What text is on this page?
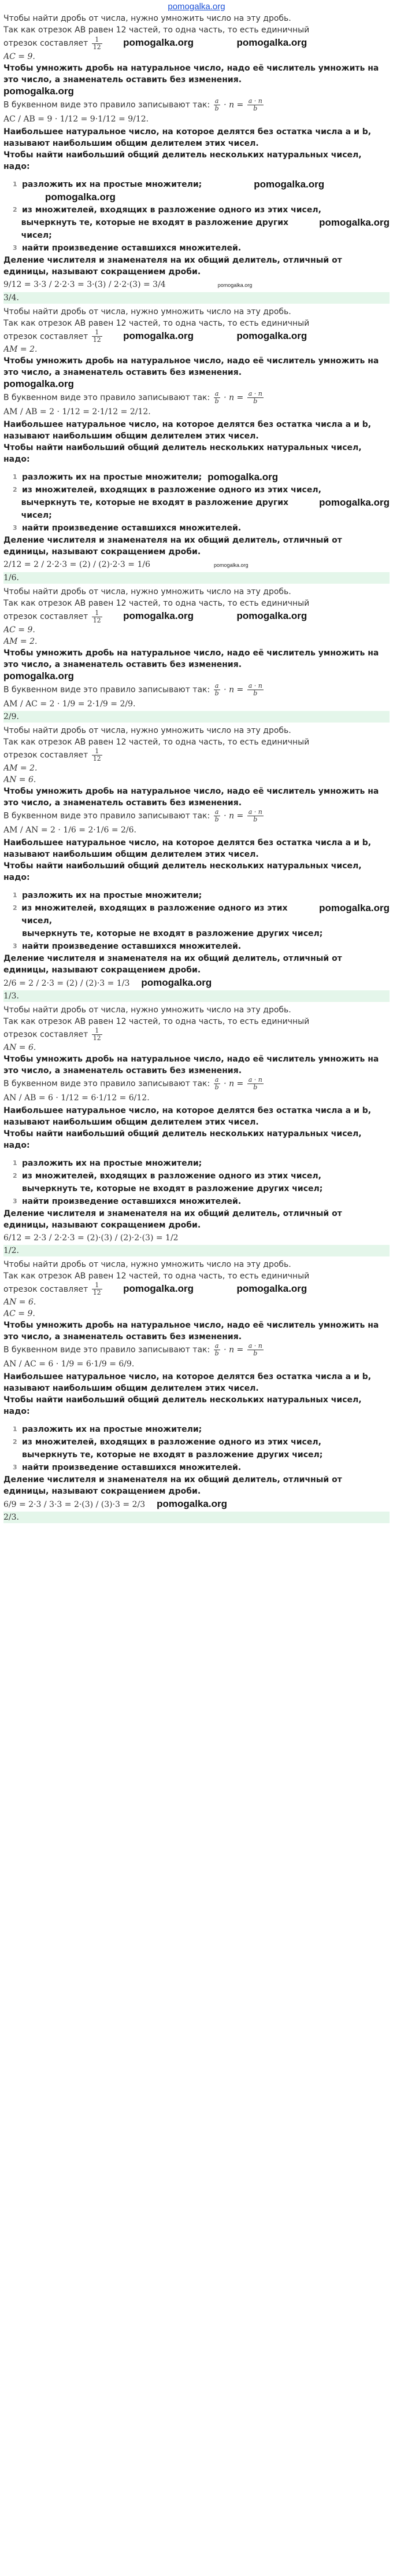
pomogalka.org
Чтобы найти дробь от числа, нужно умножить число на эту дробь.
Так как отрезок AB равен 12 частей, то одна часть, то есть единичный
отрезок составляет $\frac{1}{12}$ pomogalka.org	pomogalka.org
AC = 9.
Чтобы умножить дробь на натуральное число, надо её числитель умножить на
это число, а знаменатель оставить без изменения.
pomogalka.org
В буквенном виде это правило записывают так: $\frac{a}{b} \cdot n = \frac{a \cdot n}{b}$
AC / AB = 9 · 1/12 = 9·1/12 = 9/12.
Наибольшее натуральное число, на которое делятся без остатка числа a и b,
называют наибольшим общим делителем этих чисел.
Чтобы найти наибольший общий делитель нескольких натуральных чисел,
надо:
1 разложить их на простые множители;	pomogalka.org
pomogalka.org
2 из множителей, входящих в разложение одного из этих чисел,
вычеркнуть те, которые не входят в разложение других чисел;
pomogalka.org
3 найти произведение оставшихся множителей.
Деление числителя и знаменателя на их общий делитель, отличный от
единицы, называют сокращением дроби.
9/12 = 3·3 / 2·2·3 = 3·(3) / 2·2·(3) = 3/4	pomogalka.org
3/4.
Чтобы найти дробь от числа, нужно умножить число на эту дробь.
Так как отрезок AB равен 12 частей, то одна часть, то есть единичный
отрезок составляет $\frac{1}{12}$ pomogalka.org	pomogalka.org
AM = 2.
Чтобы умножить дробь на натуральное число, надо её числитель умножить на
это число, а знаменатель оставить без изменения.
pomogalka.org
В буквенном виде это правило записывают так: $\frac{a}{b} \cdot n = \frac{a \cdot n}{b}$
AM / AB = 2 · 1/12 = 2·1/12 = 2/12.
Наибольшее натуральное число, на которое делятся без остатка числа a и b,
называют наибольшим общим делителем этих чисел.
Чтобы найти наибольший общий делитель нескольких натуральных чисел,
надо:
1 разложить их на простые множители; pomogalka.org
2 из множителей, входящих в разложение одного из этих чисел,
вычеркнуть те, которые не входят в разложение других чисел;
pomogalka.org
3 найти произведение оставшихся множителей.
Деление числителя и знаменателя на их общий делитель, отличный от
единицы, называют сокращением дроби.
2/12 = 2 / 2·2·3 = (2) / (2)·2·3 = 1/6	pomogalka.org
1/6.
Чтобы найти дробь от числа, нужно умножить число на эту дробь.
Так как отрезок AB равен 12 частей, то одна часть, то есть единичный
отрезок составляет $\frac{1}{12}$ pomogalka.org	pomogalka.org
AC = 9.
AM = 2.
Чтобы умножить дробь на натуральное число, надо её числитель умножить на
это число, а знаменатель оставить без изменения.
pomogalka.org
В буквенном виде это правило записывают так: $\frac{a}{b} \cdot n = \frac{a \cdot n}{b}$
AM / AC = 2 · 1/9 = 2·1/9 = 2/9.
2/9.
Чтобы найти дробь от числа, нужно умножить число на эту дробь.
Так как отрезок AB равен 12 частей, то одна часть, то есть единичный
отрезок составляет $\frac{1}{12}$
AM = 2.
AN = 6.
Чтобы умножить дробь на натуральное число, надо её числитель умножить на
это число, а знаменатель оставить без изменения.
В буквенном виде это правило записывают так: $\frac{a}{b} \cdot n = \frac{a \cdot n}{b}$
AM / AN = 2 · 1/6 = 2·1/6 = 2/6.
Наибольшее натуральное число, на которое делятся без остатка числа a и b,
называют наибольшим общим делителем этих чисел.
Чтобы найти наибольший общий делитель нескольких натуральных чисел,
надо:
1 разложить их на простые множители;
2 из множителей, входящих в разложение одного из этих чисел,
pomogalka.org
вычеркнуть те, которые не входят в разложение других чисел;
3 найти произведение оставшихся множителей.
Деление числителя и знаменателя на их общий делитель, отличный от
единицы, называют сокращением дроби.
2/6 = 2 / 2·3 = (2) / (2)·3 = 1/3 pomogalka.org
1/3.
Чтобы найти дробь от числа, нужно умножить число на эту дробь.
Так как отрезок AB равен 12 частей, то одна часть, то есть единичный
отрезок составляет $\frac{1}{12}$
AN = 6.
Чтобы умножить дробь на натуральное число, надо её числитель умножить на
это число, а знаменатель оставить без изменения.
В буквенном виде это правило записывают так: $\frac{a}{b} \cdot n = \frac{a \cdot n}{b}$
AN / AB = 6 · 1/12 = 6·1/12 = 6/12.
Наибольшее натуральное число, на которое делятся без остатка числа a и b,
называют наибольшим общим делителем этих чисел.
Чтобы найти наибольший общий делитель нескольких натуральных чисел,
надо:
1 разложить их на простые множители;
2 из множителей, входящих в разложение одного из этих чисел,
вычеркнуть те, которые не входят в разложение других чисел;
3 найти произведение оставшихся множителей.
Деление числителя и знаменателя на их общий делитель, отличный от
единицы, называют сокращением дроби.
6/12 = 2·3 / 2·2·3 = (2)·(3) / (2)·2·(3) = 1/2
1/2.
Чтобы найти дробь от числа, нужно умножить число на эту дробь.
Так как отрезок AB равен 12 частей, то одна часть, то есть единичный
отрезок составляет $\frac{1}{12}$ pomogalka.org	pomogalka.org
AN = 6.
AC = 9.
Чтобы умножить дробь на натуральное число, надо её числитель умножить на
это число, а знаменатель оставить без изменения.
В буквенном виде это правило записывают так: $\frac{a}{b} \cdot n = \frac{a \cdot n}{b}$
AN / AC = 6 · 1/9 = 6·1/9 = 6/9.
Наибольшее натуральное число, на которое делятся без остатка числа a и b,
называют наибольшим общим делителем этих чисел.
Чтобы найти наибольший общий делитель нескольких натуральных чисел,
надо:
1 разложить их на простые множители;
2 из множителей, входящих в разложение одного из этих чисел,
вычеркнуть те, которые не входят в разложение других чисел;
3 найти произведение оставшихся множителей.
Деление числителя и знаменателя на их общий делитель, отличный от
единицы, называют сокращением дроби.
6/9 = 2·3 / 3·3 = 2·(3) / (3)·3 = 2/3 pomogalka.org
2/3.
